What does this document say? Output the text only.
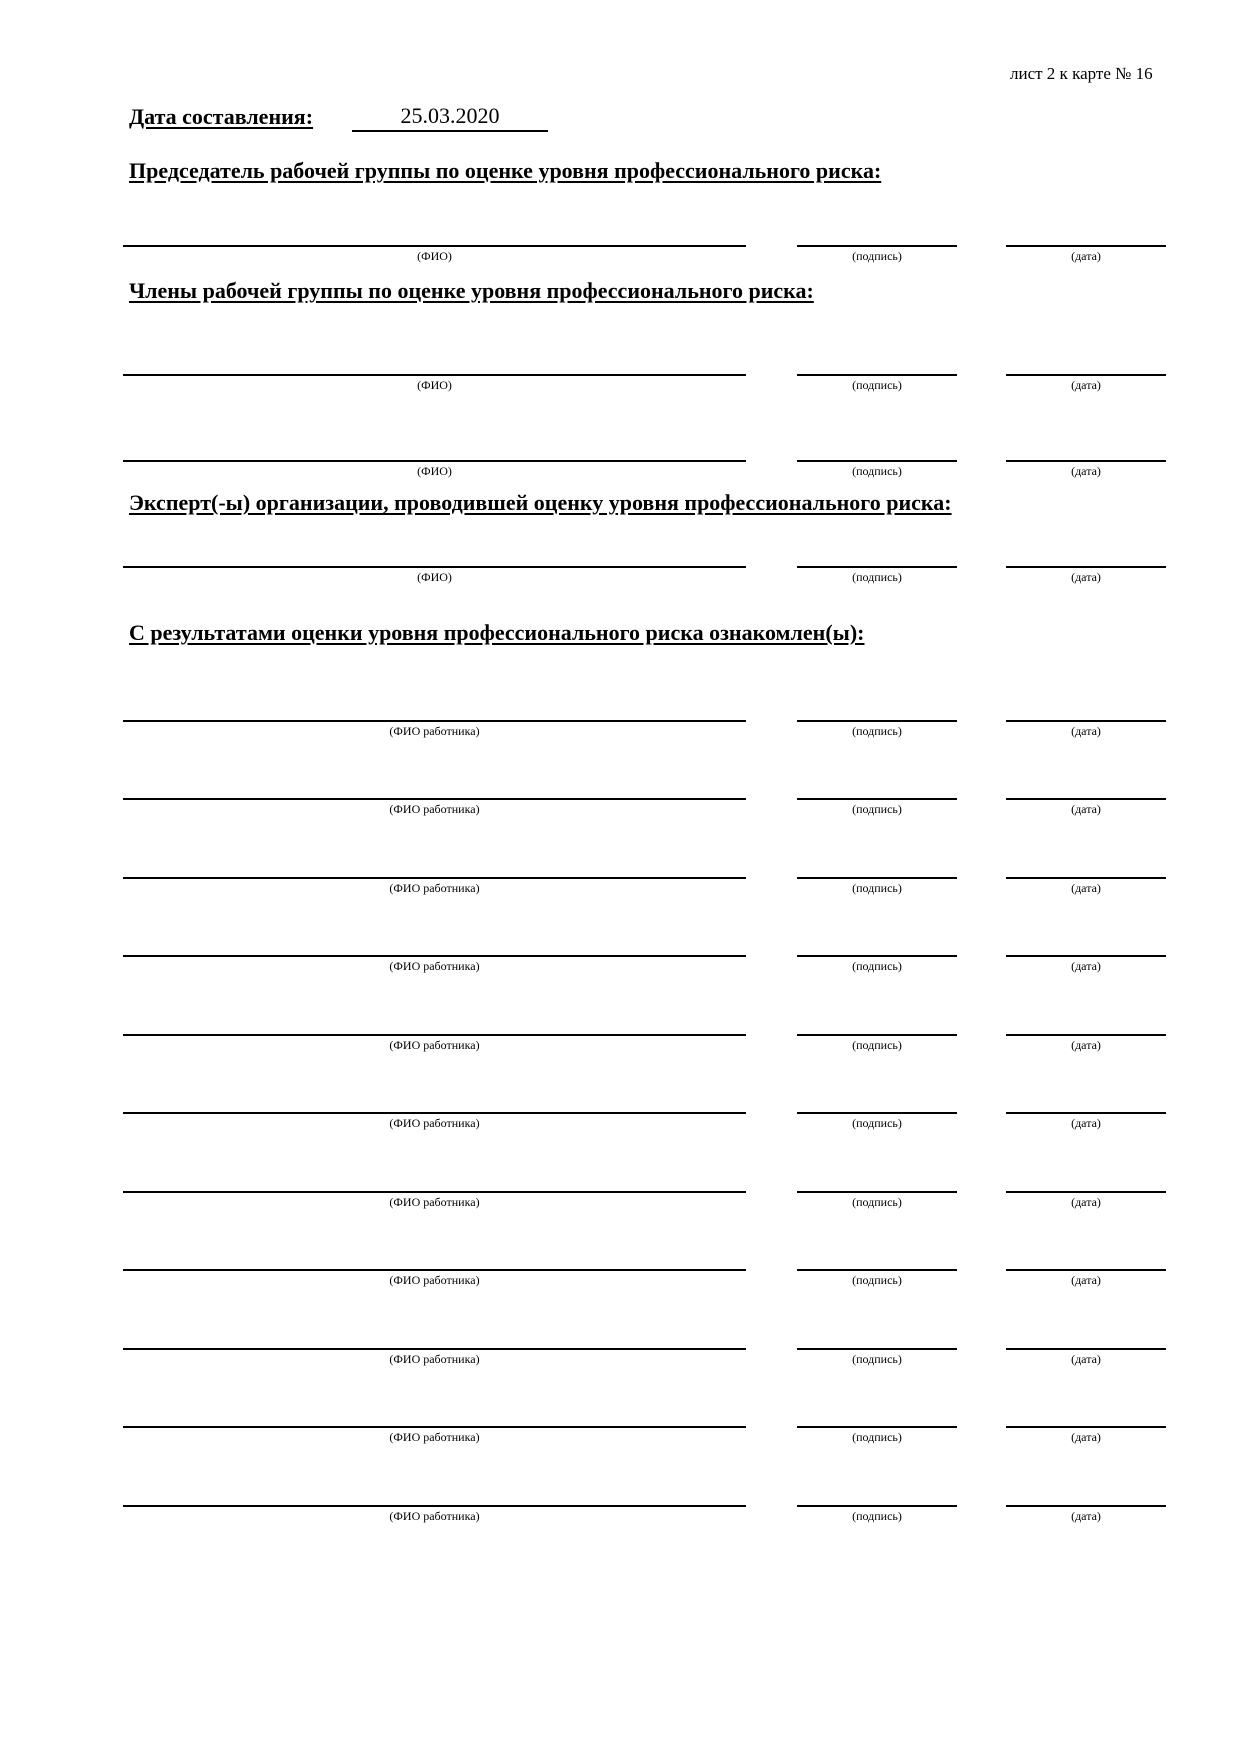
лист 2 к карте № 16
Дата составления:	25.03.2020
Председатель рабочей группы по оценке уровня профессионального риска:
(ФИО)	(подпись)	(дата)
Члены рабочей группы по оценке уровня профессионального риска:
(ФИО)	(подпись)	(дата)
(ФИО)	(подпись)	(дата)
Эксперт(-ы) организации, проводившей оценку уровня профессионального риска:
(ФИО)	(подпись)	(дата)
С результатами оценки уровня профессионального риска ознакомлен(ы):
(ФИО работника)	(подпись)	(дата)
(ФИО работника)	(подпись)	(дата)
(ФИО работника)	(подпись)	(дата)
(ФИО работника)	(подпись)	(дата)
(ФИО работника)	(подпись)	(дата)
(ФИО работника)	(подпись)	(дата)
(ФИО работника)	(подпись)	(дата)
(ФИО работника)	(подпись)	(дата)
(ФИО работника)	(подпись)	(дата)
(ФИО работника)	(подпись)	(дата)
(ФИО работника)	(подпись)	(дата)
